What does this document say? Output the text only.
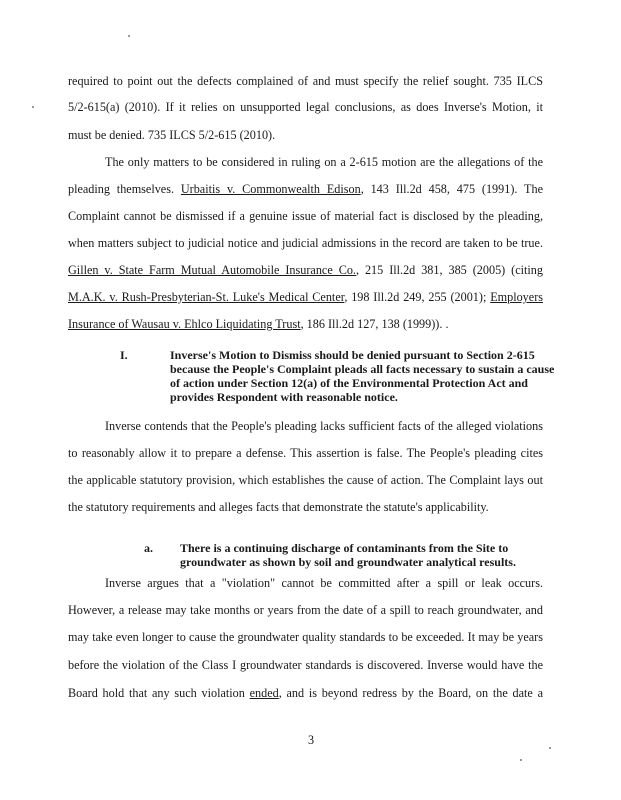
required to point out the defects complained of and must specify the relief sought. 735 ILCS
5/2-615(a) (2010). If it relies on unsupported legal conclusions, as does Inverse's Motion, it
must be denied. 735 ILCS 5/2-615 (2010).
The only matters to be considered in ruling on a 2-615 motion are the allegations of the
pleading themselves. Urbaitis v. Commonwealth Edison, 143 Ill.2d 458, 475 (1991). The
Complaint cannot be dismissed if a genuine issue of material fact is disclosed by the pleading,
when matters subject to judicial notice and judicial admissions in the record are taken to be true.
Gillen v. State Farm Mutual Automobile Insurance Co., 215 Ill.2d 381, 385 (2005) (citing
M.A.K. v. Rush-Presbyterian-St. Luke's Medical Center, 198 Ill.2d 249, 255 (2001); Employers
Insurance of Wausau v. Ehlco Liquidating Trust, 186 Ill.2d 127, 138 (1999)). .
I.	Inverse's Motion to Dismiss should be denied pursuant to Section 2-615
because the People's Complaint pleads all facts necessary to sustain a cause
of action under Section 12(a) of the Environmental Protection Act and
provides Respondent with reasonable notice.
Inverse contends that the People's pleading lacks sufficient facts of the alleged violations
to reasonably allow it to prepare a defense. This assertion is false. The People's pleading cites
the applicable statutory provision, which establishes the cause of action. The Complaint lays out
the statutory requirements and alleges facts that demonstrate the statute's applicability.
a. There is a continuing discharge of contaminants from the Site to
groundwater as shown by soil and groundwater analytical results.
Inverse argues that a "violation" cannot be committed after a spill or leak occurs.
However, a release may take months or years from the date of a spill to reach groundwater, and
may take even longer to cause the groundwater quality standards to be exceeded. It may be years
before the violation of the Class I groundwater standards is discovered. Inverse would have the
Board hold that any such violation ended, and is beyond redress by the Board, on the date a
3
